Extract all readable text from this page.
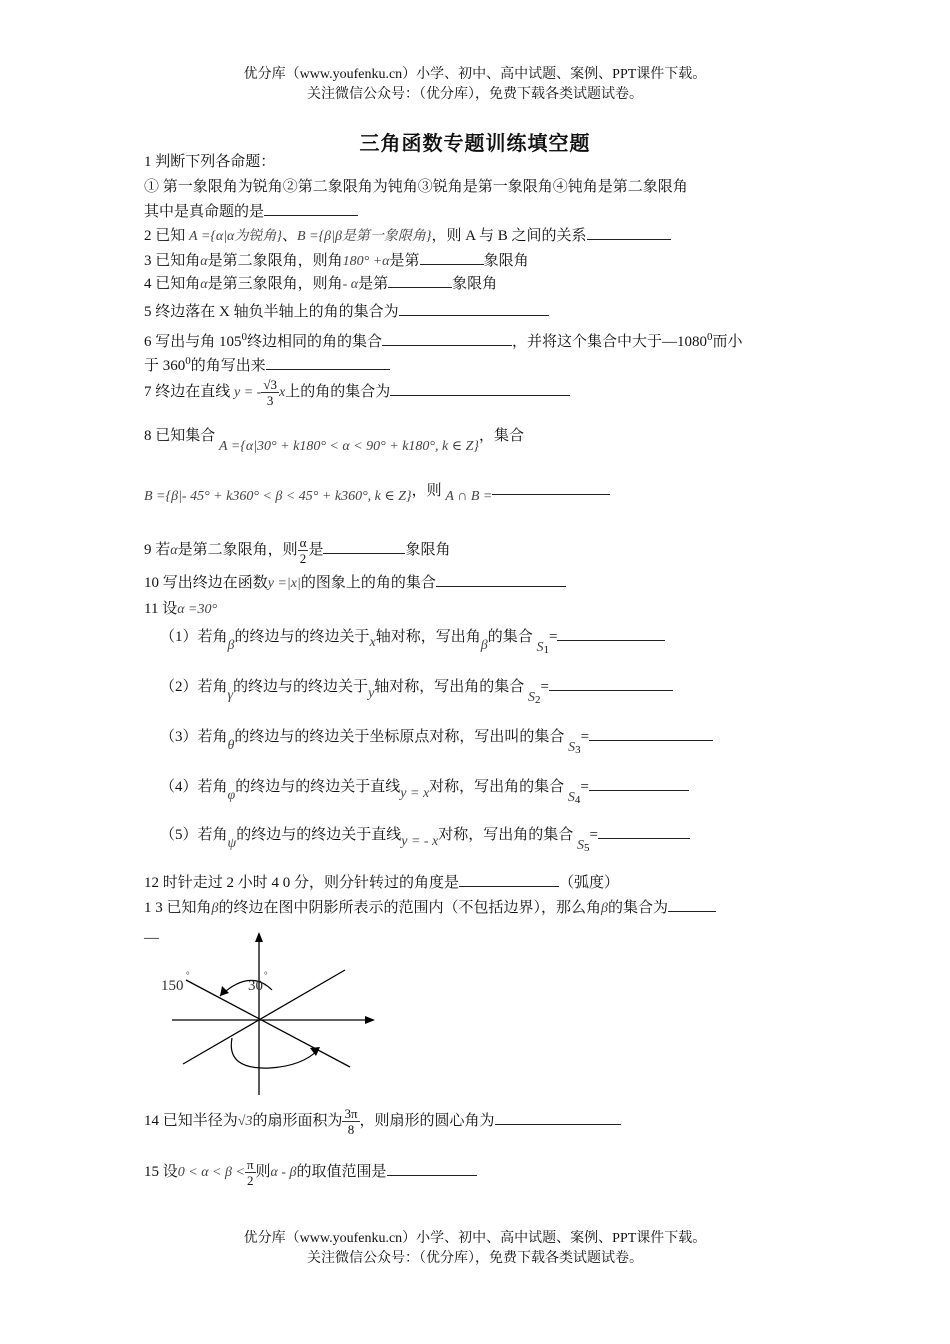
优分库（www.youfenku.cn）小学、初中、高中试题、案例、PPT课件下载。
关注微信公众号：（优分库），免费下载各类试题试卷。
三角函数专题训练填空题
1 判断下列各命题：
① 第一象限角为锐角②第二象限角为钝角③锐角是第一象限角④钝角是第二象限角
其中是真命题的是
2 已知 A ={α|α为锐角}、B ={β|β是第一象限角}，则 A 与 B 之间的关系
3 已知角α是第二象限角，则角180° +α是第	象限角
4 已知角α是第三象限角，则角- α是第	象限角
5 终边落在 X 轴负半轴上的角的集合为
6 写出与角 $105^0$终边相同的角的集合	，并将这个集合中大于—1080$^0$而小
于 $360^0$的角写出来
7 终边在直线 y = - $\frac{√3}{3}$ x上的角的集合为
8 已知集合 A ={α|30° + k180° < α < 90° + k180°, k ∈ Z}，集合
B ={β|- 45° + k360° < β < 45° + k360°, k ∈ Z}，则 A ∩ B =
9 若α是第二象限角，则 $\frac{\alpha}{2}$ 是	象限角
10 写出终边在函数y =|x|的图象上的角的集合
11 设α =30°
（1）若角β的终边与的终边关于x轴对称，写出角β的集合 $S_1=$
（2）若角γ的终边与的终边关于y轴对称，写出角的集合 $S_2=$
（3）若角θ的终边与的终边关于坐标原点对称，写出叫的集合 $S_3=$
（4）若角φ的终边与的终边关于直线y = x对称，写出角的集合 $S_4=$
（5）若角ψ的终边与的终边关于直线y = - x对称，写出角的集合 $S_5=$
12 时针走过 2 小时 4 0 分，则分针转过的角度是	（弧度）
1 3 已知角β的终边在图中阴影所表示的范围内（不包括边界），那么角β的集合为
—
150
°
30
°
14 已知半径为√3的扇形面积为 $\frac{3\pi}{8}$ ，则扇形的圆心角为
15 设$0 < \alpha < \beta < \frac{\pi}{2}$ 则α - β的取值范围是
优分库（www.youfenku.cn）小学、初中、高中试题、案例、PPT课件下载。
关注微信公众号：（优分库），免费下载各类试题试卷。
